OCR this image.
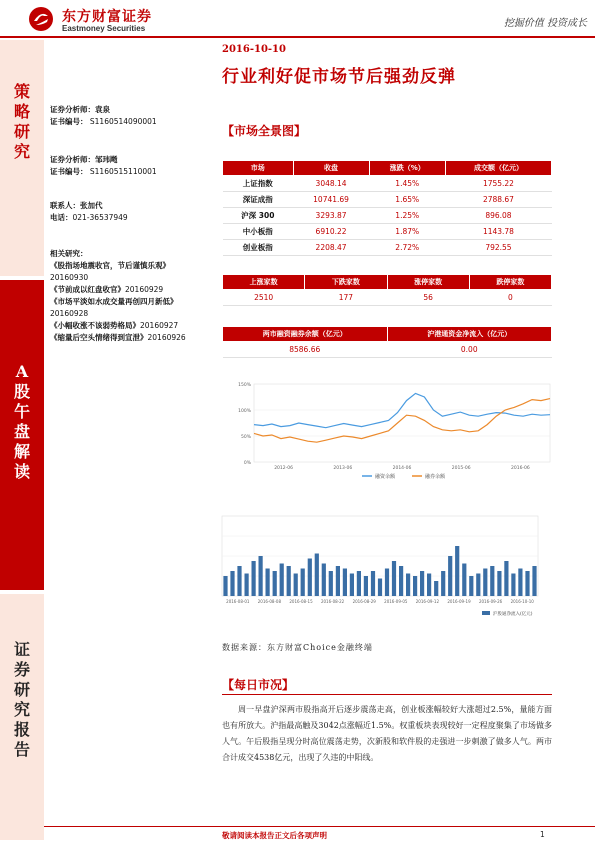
东方财富证券
Eastmoney Securities	挖掘价值 投资成长
策
略
研
究
A
股
午
盘
解
读
证
券
研
究
报
告
2016-10-10
行业利好促市场节后强劲反弹
证券分析师：袁泉
证书编号： S1160514090001
证券分析师：邹玮飏
证书编号： S1160515110001
联系人：张加代
电话：021-36537949
相关研究：
《股指场地震收官，节后谨慎乐观》
20160930
《节前成以红盘收官》20160929
《市场平淡如水成交量再创四月新低》
20160928
《小幅收涨不该弱势格局》20160927
《缩量后空头情绪得到宣泄》20160926
【市场全景图】
市场	收盘	涨跌（%）	成交额（亿元）
上证指数	3048.14	1.45%	1755.22
深证成指	10741.69	1.65%	2788.67
沪深 300	3293.87	1.25%	896.08
中小板指	6910.22	1.87%	1143.78
创业板指	2208.47	2.72%	792.55
上涨家数	下跌家数	涨停家数	跌停家数
2510	177	56	0
两市融资融券余额（亿元）	沪港通资金净流入（亿元）
8586.66	0.00
0%
50%
100%
150%
2012-06	2013-06	2014-06	2015-06	2016-06
融资余额	融券余额
2016-08-01 2016-08-08 2016-08-15 2016-08-22 2016-08-29 2016-09-05 2016-09-12 2016-09-19 2016-09-26 2016-10-10
沪股通净流入(亿元)
数据来源：东方财富Choice金融终端
【每日市况】
周一早盘沪深两市股指高开后逐步震荡走高，创业板涨幅较好大涨超过2.5%，量能方面也有所放大。沪指最高触及3042点涨幅近1.5%。权重板块表现较好一定程度聚集了市场做多人气。午后股指呈现分时高位震荡走势，次新股和软件股的走强进一步刺激了做多人气。两市合计成交4538亿元，出现了久违的中阳线。
敬请阅读本报告正文后各项声明	1
